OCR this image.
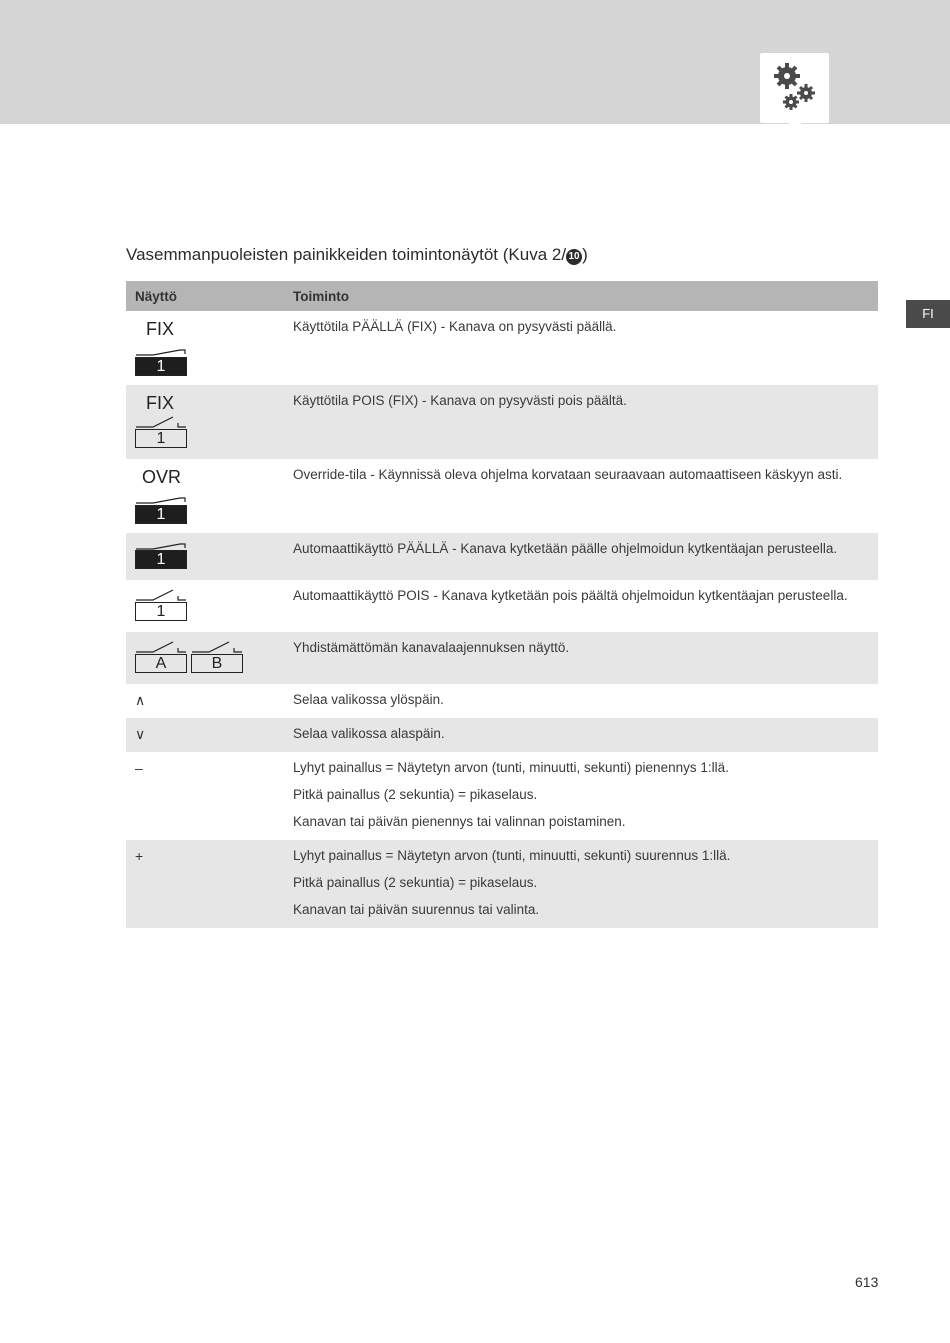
FI
Vasemmanpuoleisten painikkeiden toimintonäytöt (Kuva 2/ 10 )
Näyttö	Toiminto

FIX
1	Käyttötila PÄÄLLÄ (FIX) - Kanava on pysyvästi päällä.

FIX
1	Käyttötila POIS (FIX) - Kanava on pysyvästi pois päältä.

OVR
1	Override-tila - Käynnissä oleva ohjelma korvataan seuraavaan automaattiseen käskyyn asti.

1	Automaattikäyttö PÄÄLLÄ - Kanava kytketään päälle ohjelmoidun kytkentäajan perusteella.

1	Automaattikäyttö POIS - Kanava kytketään pois päältä ohjelmoidun kytkentäajan perusteella.

A B	Yhdistämättömän kanavalaajennuksen näyttö.

∧	Selaa valikossa ylöspäin.

∨	Selaa valikossa alaspäin.

–	Lyhyt painallus = Näytetyn arvon (tunti, minuutti, sekunti) pienennys 1:llä.

Pitkä painallus (2 sekuntia) = pikaselaus.

Kanavan tai päivän pienennys tai valinnan poistaminen.

+	Lyhyt painallus = Näytetyn arvon (tunti, minuutti, sekunti) suurennus 1:llä.

Pitkä painallus (2 sekuntia) = pikaselaus.

Kanavan tai päivän suurennus tai valinta.

613
